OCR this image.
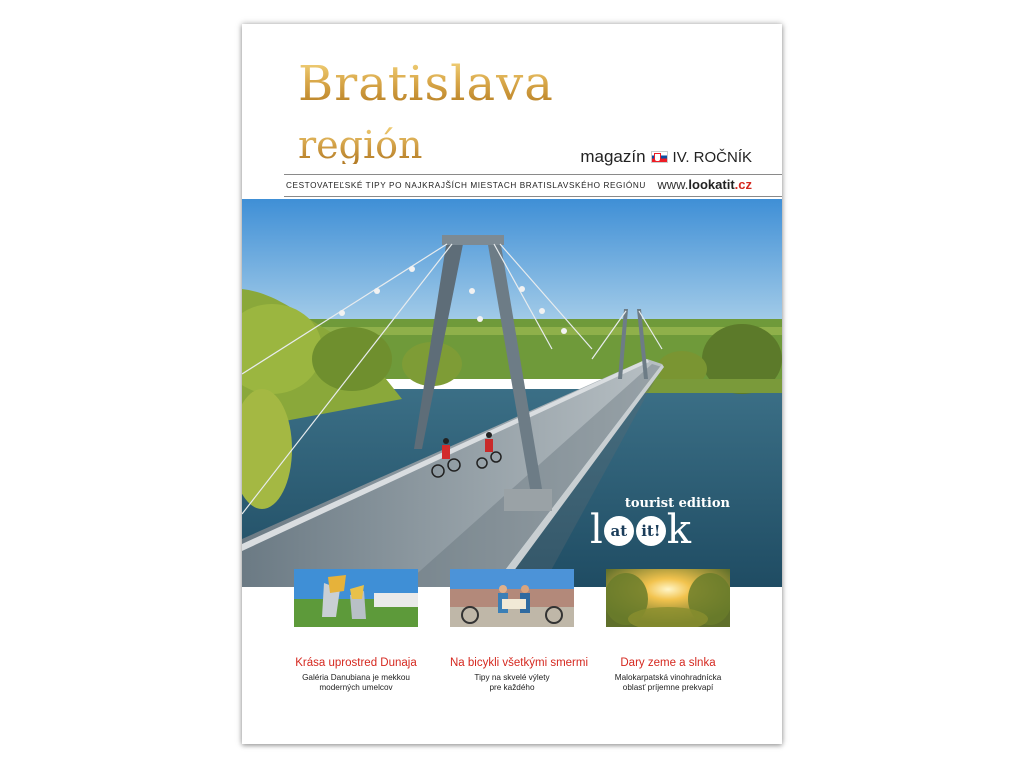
Bratislava
región	magazín IV. ROČNÍK
CESTOVATEĽSKÉ TIPY PO NAJKRAJŠÍCH MIESTACH BRATISLAVSKÉHO REGIÓNU www.lookatit.cz
tourist edition
l at it! k
Krása uprostred Dunaja
Galéria Danubiana je mekkou
moderných umelcov
Na bicykli všetkými smermi
Tipy na skvelé výlety
pre každého
Dary zeme a slnka
Malokarpatská vinohradnícka
oblasť príjemne prekvapí
